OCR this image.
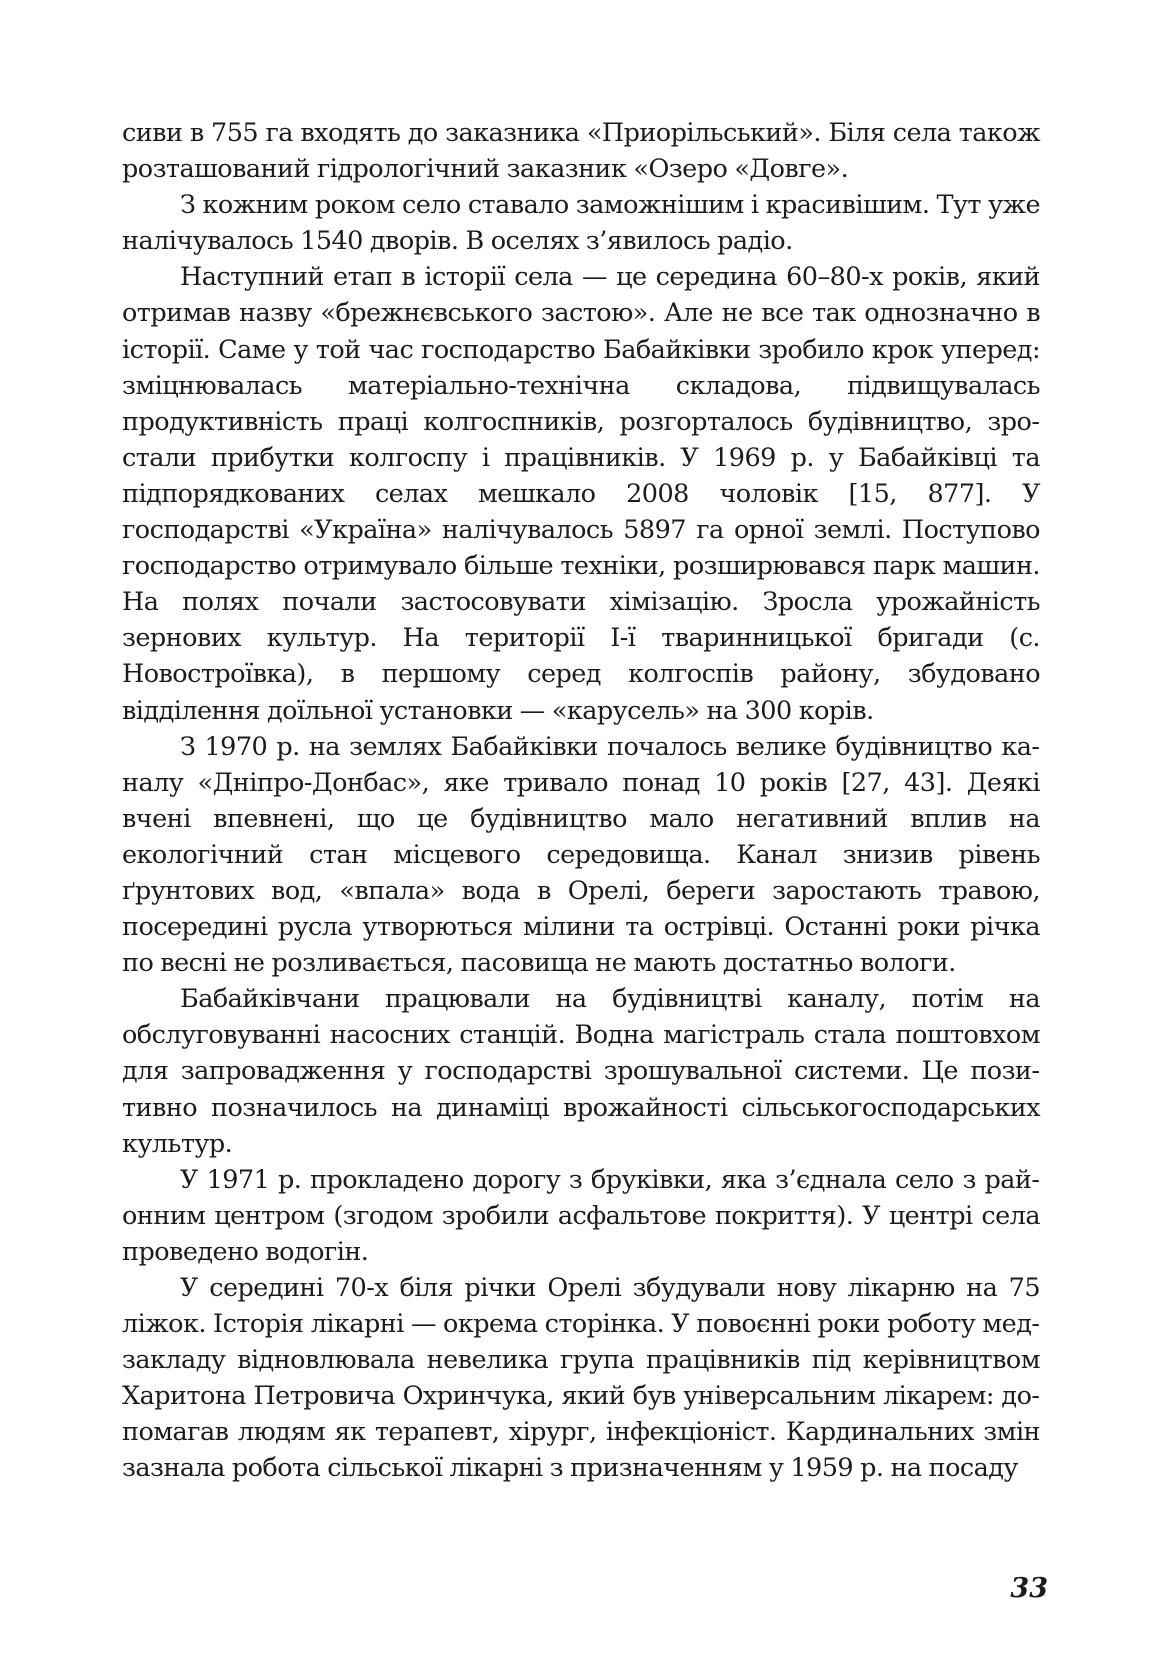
сиви в 755 га входять до заказника «Приорільський». Біля села також розташований гідрологічний заказник «Озеро «Довге».

З кожним роком село ставало заможнішим і красивішим. Тут уже налічувалось 1540 дворів. В оселях з’явилось радіо.

Наступний етап в історії села — це середина 60–80-х років, який отримав назву «брежнєвського застою». Але не все так однозначно в історії. Саме у той час господарство Бабайківки зробило крок уперед: зміцнювалась матеріально-технічна складова, підвищувалась продуктивність праці колгоспників, розгорталось будівництво, зростали прибутки колгоспу і працівників. У 1969 р. у Бабайківці та підпорядкованих селах мешкало 2008 чоловік [15, 877]. У господарстві «Україна» налічувалось 5897 га орної землі. Поступово господарство отримувало більше техніки, розширювався парк машин. На полях почали застосовувати хімізацію. Зросла урожайність зернових культур. На території І-ї тваринницької бригади (с. Новостроївка), в першому серед колгоспів району, збудовано відділення доїльної установки — «карусель» на 300 корів.

З 1970 р. на землях Бабайківки почалось велике будівництво каналу «Дніпро-Донбас», яке тривало понад 10 років [27, 43]. Деякі вчені впевнені, що це будівництво мало негативний вплив на екологічний стан місцевого середовища. Канал знизив рівень ґрунтових вод, «впала» вода в Орелі, береги заростають травою, посередині русла утворються мілини та острівці. Останні роки річка по весні не розливається, пасовища не мають достатньо вологи.

Бабайківчани працювали на будівництві каналу, потім на обслуговуванні насосних станцій. Водна магістраль стала поштовхом для запровадження у господарстві зрошувальної системи. Це позитивно позначилось на динаміці врожайності сільськогосподарських культур.

У 1971 р. прокладено дорогу з бруківки, яка з’єднала село з районним центром (згодом зробили асфальтове покриття). У центрі села проведено водогін.

У середині 70-х біля річки Орелі збудували нову лікарню на 75 ліжок. Історія лікарні — окрема сторінка. У повоєнні роки роботу медзакладу відновлювала невелика група працівників під керівництвом Харитона Петровича Охринчука, який був універсальним лікарем: допомагав людям як терапевт, хірург, інфекціоніст. Кардинальних змін зазнала робота сільської лікарні з призначенням у 1959 р. на посаду

33
